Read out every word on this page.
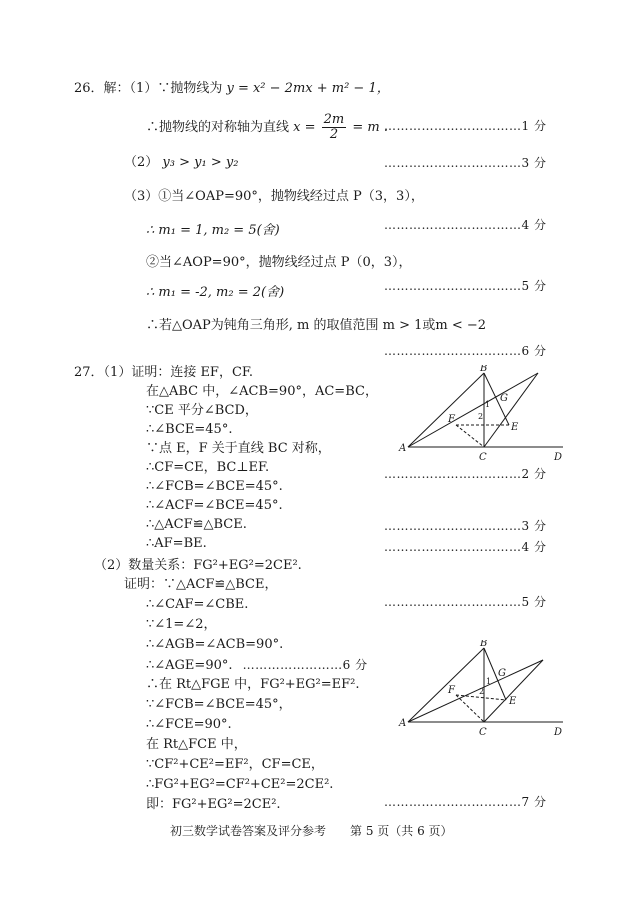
26．解：（1）∵抛物线为 y = x² − 2mx + m² − 1，
∴抛物线的对称轴为直线 $x = \frac{2m}{2} = m$ .
……………………………1 分
（2） y₃ > y₁ > y₂	……………………………3 分
（3）①当∠OAP=90°，抛物线经过点 P（3，3），
……………………………4 分
∴ m₁ = 1, m₂ = 5(舍)
②当∠AOP=90°，抛物线经过点 P（0，3），
……………………………5 分
∴ m₁ = -2, m₂ = 2(舍)
∴若△OAP为钝角三角形, m 的取值范围 m > 1或m < −2
……………………………6 分
27．（1）证明：连接 EF，CF.
在△ABC 中，∠ACB=90°，AC=BC，
∵CE 平分∠BCD，
∴∠BCE=45°.
∵点 E，F 关于直线 BC 对称，
∴CF=CE，BC⊥EF.
∴∠FCB=∠BCE=45°.
∴∠ACF=∠BCE=45°.
∴△ACF≌△BCE.
∴AF=BE.
……………………………2 分
……………………………3 分
……………………………4 分
B
A
C	D
E
F
G
1
2
（2）数量关系：FG²+EG²=2CE².
证明：∵△ACF≌△BCE，
……………………………5 分
∴∠CAF=∠CBE.
∵∠1=∠2，
∴∠AGB=∠ACB=90°.
∴∠AGE=90°. ……………………6 分
∴在 Rt△FGE 中，FG²+EG²=EF².
∵∠FCB=∠BCE=45°，
∴∠FCE=90°.
在 Rt△FCE 中，
∵CF²+CE²=EF²，CF=CE，
∴FG²+EG²=CF²+CE²=2CE².
即：FG²+EG²=2CE².	……………………………7 分
B
A
C	D
E
F
G
1
2
初三数学试卷答案及评分参考　　第 5 页（共 6 页）
